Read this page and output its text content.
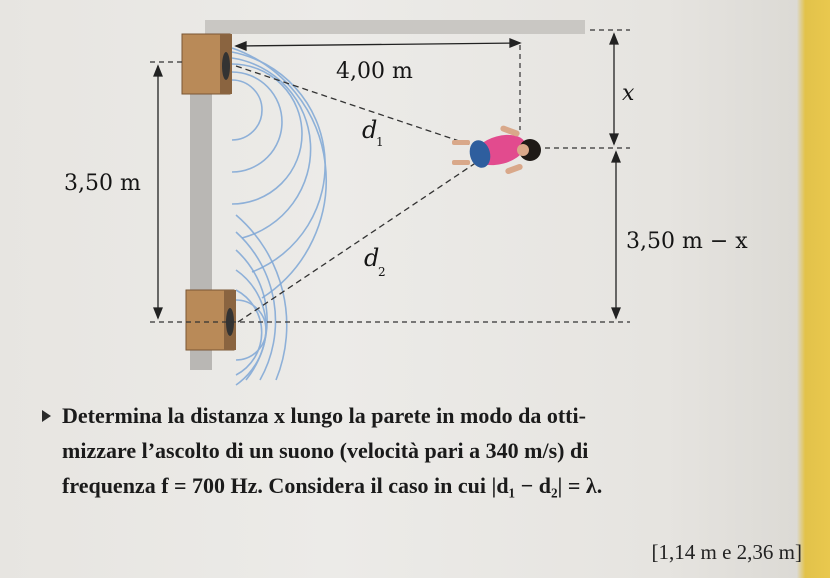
4,00 m
3,50 m
x
3,50 m − x
d
1
d
2
Determina la distanza x lungo la parete in modo da otti-
mizzare l’ascolto di un suono (velocità pari a 340 m/s) di
frequenza f = 700 Hz. Considera il caso in cui |d₁ − d₂| = λ.
[1,14 m e 2,36 m]
